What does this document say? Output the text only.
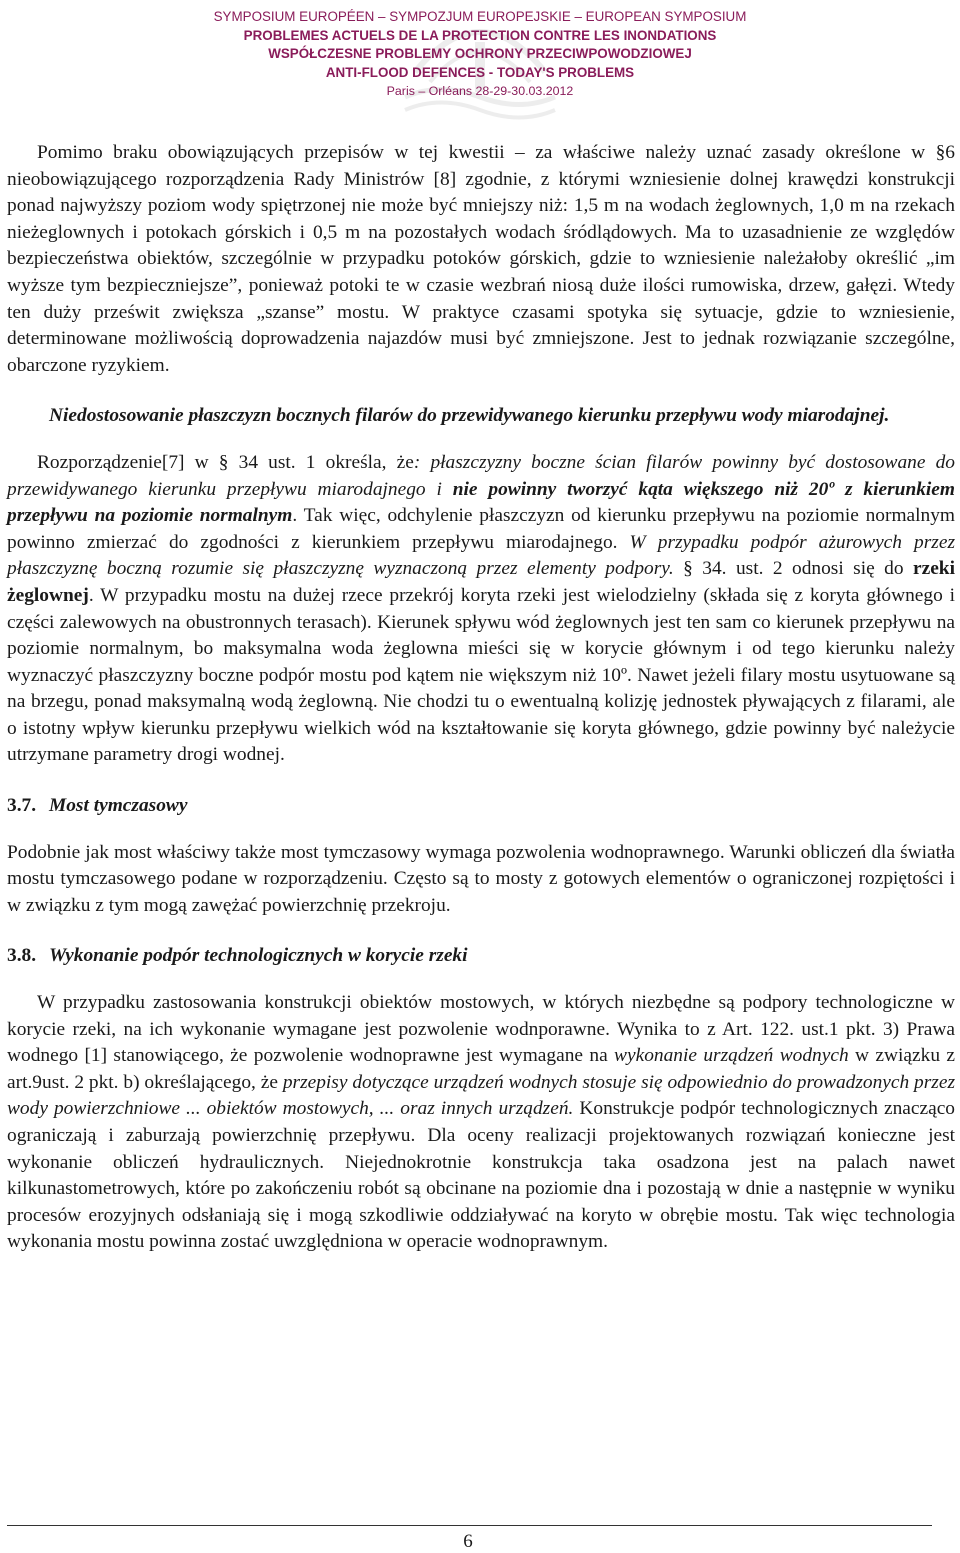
SYMPOSIUM EUROPÉEN – SYMPOZJUM EUROPEJSKIE – EUROPEAN SYMPOSIUM
PROBLEMES ACTUELS DE LA PROTECTION CONTRE LES INONDATIONS
WSPÓŁCZESNE PROBLEMY OCHRONY PRZECIWPOWODZIOWEJ
ANTI-FLOOD DEFENCES - TODAY'S PROBLEMS
Paris – Orléans 28-29-30.03.2012

Pomimo braku obowiązujących przepisów w tej kwestii – za właściwe należy uznać zasady określone w §6 nieobowiązującego rozporządzenia Rady Ministrów [8] zgodnie, z którymi wzniesienie dolnej krawędzi konstrukcji ponad najwyższy poziom wody spiętrzonej nie może być mniejszy niż: 1,5 m na wodach żeglownych, 1,0 m na rzekach nieżeglownych i potokach górskich i 0,5 m na pozostałych wodach śródlądowych. Ma to uzasadnienie ze względów bezpieczeństwa obiektów, szczególnie w przypadku potoków górskich, gdzie to wzniesienie należałoby określić „im wyższe tym bezpieczniejsze”, ponieważ potoki te w czasie wezbrań niosą duże ilości rumowiska, drzew, gałęzi. Wtedy ten duży prześwit zwiększa „szanse” mostu. W praktyce czasami spotyka się sytuacje, gdzie to wzniesienie, determinowane możliwością doprowadzenia najazdów musi być zmniejszone. Jest to jednak rozwiązanie szczególne, obarczone ryzykiem.

Niedostosowanie płaszczyzn bocznych filarów do przewidywanego kierunku przepływu wody miarodajnej.

Rozporządzenie[7] w § 34 ust. 1 określa, że: płaszczyzny boczne ścian filarów powinny być dostosowane do przewidywanego kierunku przepływu miarodajnego i nie powinny tworzyć kąta większego niż 20º z kierunkiem przepływu na poziomie normalnym. Tak więc, odchylenie płaszczyzn od kierunku przepływu na poziomie normalnym powinno zmierzać do zgodności z kierunkiem przepływu miarodajnego. W przypadku podpór ażurowych przez płaszczyznę boczną rozumie się płaszczyznę wyznaczoną przez elementy podpory. § 34. ust. 2 odnosi się do rzeki żeglownej. W przypadku mostu na dużej rzece przekrój koryta rzeki jest wielodzielny (składa się z koryta głównego i części zalewowych na obustronnych terasach). Kierunek spływu wód żeglownych jest ten sam co kierunek przepływu na poziomie normalnym, bo maksymalna woda żeglowna mieści się w korycie głównym i od tego kierunku należy wyznaczyć płaszczyzny boczne podpór mostu pod kątem nie większym niż 10º. Nawet jeżeli filary mostu usytuowane są na brzegu, ponad maksymalną wodą żeglowną. Nie chodzi tu o ewentualną kolizję jednostek pływających z filarami, ale o istotny wpływ kierunku przepływu wielkich wód na kształtowanie się koryta głównego, gdzie powinny być należycie utrzymane parametry drogi wodnej.

3.7. Most tymczasowy

Podobnie jak most właściwy także most tymczasowy wymaga pozwolenia wodnoprawnego. Warunki obliczeń dla światła mostu tymczasowego podane w rozporządzeniu. Często są to mosty z gotowych elementów o ograniczonej rozpiętości i w związku z tym mogą zawężać powierzchnię przekroju.

3.8. Wykonanie podpór technologicznych w korycie rzeki

W przypadku zastosowania konstrukcji obiektów mostowych, w których niezbędne są podpory technologiczne w korycie rzeki, na ich wykonanie wymagane jest pozwolenie wodnporawne. Wynika to z Art. 122. ust.1 pkt. 3) Prawa wodnego [1] stanowiącego, że pozwolenie wodnoprawne jest wymagane na wykonanie urządzeń wodnych w związku z art.9ust. 2 pkt. b) określającego, że przepisy dotyczące urządzeń wodnych stosuje się odpowiednio do prowadzonych przez wody powierzchniowe ... obiektów mostowych, ... oraz innych urządzeń. Konstrukcje podpór technologicznych znacząco ograniczają i zaburzają powierzchnię przepływu. Dla oceny realizacji projektowanych rozwiązań konieczne jest wykonanie obliczeń hydraulicznych. Niejednokrotnie konstrukcja taka osadzona jest na palach nawet kilkunastometrowych, które po zakończeniu robót są obcinane na poziomie dna i pozostają w dnie a następnie w wyniku procesów erozyjnych odsłaniają się i mogą szkodliwie oddziaływać na koryto w obrębie mostu. Tak więc technologia wykonania mostu powinna zostać uwzględniona w operacie wodnoprawnym.

6
